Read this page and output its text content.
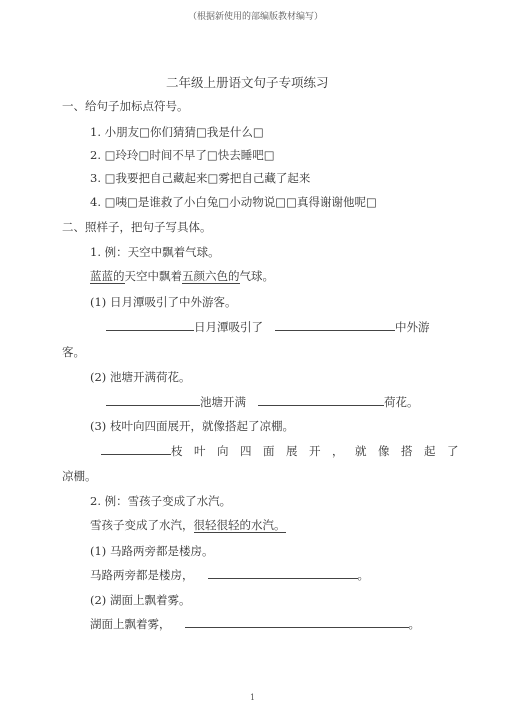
（根据新使用的部编版教材编写）
二年级上册语文句子专项练习
一、给句子加标点符号。
1. 小朋友□你们猜猜□我是什么□
2. □玲玲□时间不早了□快去睡吧□
3. □我要把自己藏起来□雾把自己藏了起来
4. □咦□是谁救了小白兔□小动物说□□真得谢谢他呢□
二、照样子，把句子写具体。
1. 例：天空中飘着气球。
蓝蓝的天空中飘着五颜六色的气球。
(1) 日月潭吸引了中外游客。
日月潭吸引了	中外游
客。
(2) 池塘开满荷花。
池塘开满	荷花。
(3) 枝叶向四面展开，就像搭起了凉棚。
枝叶向四面展开，就像搭起了
凉棚。
2. 例：雪孩子变成了水汽。
雪孩子变成了水汽，很轻很轻的水汽。
(1) 马路两旁都是楼房。
马路两旁都是楼房，	。
(2) 湖面上飘着雾。
湖面上飘着雾，	。
1
